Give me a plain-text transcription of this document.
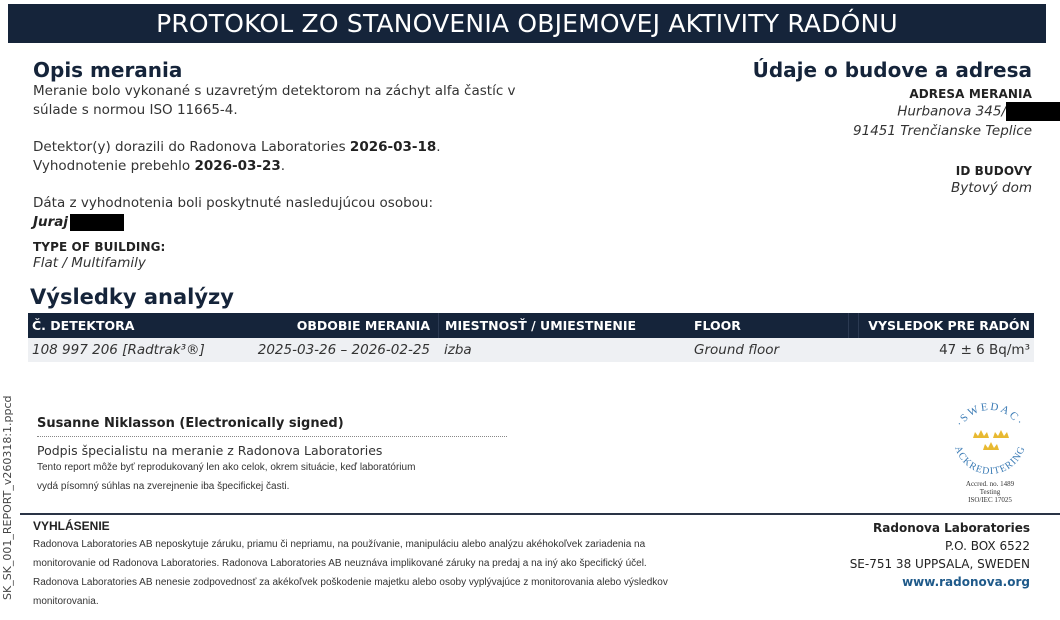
PROTOKOL ZO STANOVENIA OBJEMOVEJ AKTIVITY RADÓNU
Opis merania
Meranie bolo vykonané s uzavretým detektorom na záchyt alfa častíc v
súlade s normou ISO 11665-4.
Detektor(y) dorazili do Radonova Laboratories 2026-03-18.
Vyhodnotenie prebehlo 2026-03-23.
Dáta z vyhodnotenia boli poskytnuté nasledujúcou osobou:
Juraj
TYPE OF BUILDING:
Flat / Multifamily
Údaje o budove a adresa
ADRESA MERANIA
Hurbanova 345/
91451 Trenčianske Teplice
ID BUDOVY
Bytový dom
Výsledky analýzy
Č. DETEKTORA	OBDOBIE MERANIA	MIESTNOSŤ / UMIESTNENIE	FLOOR	VYSLEDOK PRE RADÓN
108 997 206 [Radtrak³®]	2025-03-26 – 2026-02-25	izba	Ground floor	47 ± 6 Bq/m³
SK_SK_001_REPORT_v260318:1.ppcd Susanne Niklasson (Electronically signed)
Podpis špecialistu na meranie z Radonova Laboratories
Tento report môže byť reprodukovaný len ako celok, okrem situácie, keď laboratórium
vydá písomný súhlas na zverejnenie iba špecifickej časti.
·SWEDAC·
ACKREDITERING
Accred. no. 1489
Testing
ISO/IEC 17025
VYHLÁSENIE
Radonova Laboratories AB neposkytuje záruku, priamu či nepriamu, na používanie, manipuláciu alebo analýzu akéhokoľvek zariadenia na
monitorovanie od Radonova Laboratories. Radonova Laboratories AB neuznáva implikované záruky na predaj a na iný ako špecifický účel.
Radonova Laboratories AB nenesie zodpovednosť za akékoľvek poškodenie majetku alebo osoby vyplývajúce z monitorovania alebo výsledkov
monitorovania.
Radonova Laboratories
P.O. BOX 6522
SE-751 38 UPPSALA, SWEDEN
www.radonova.org
